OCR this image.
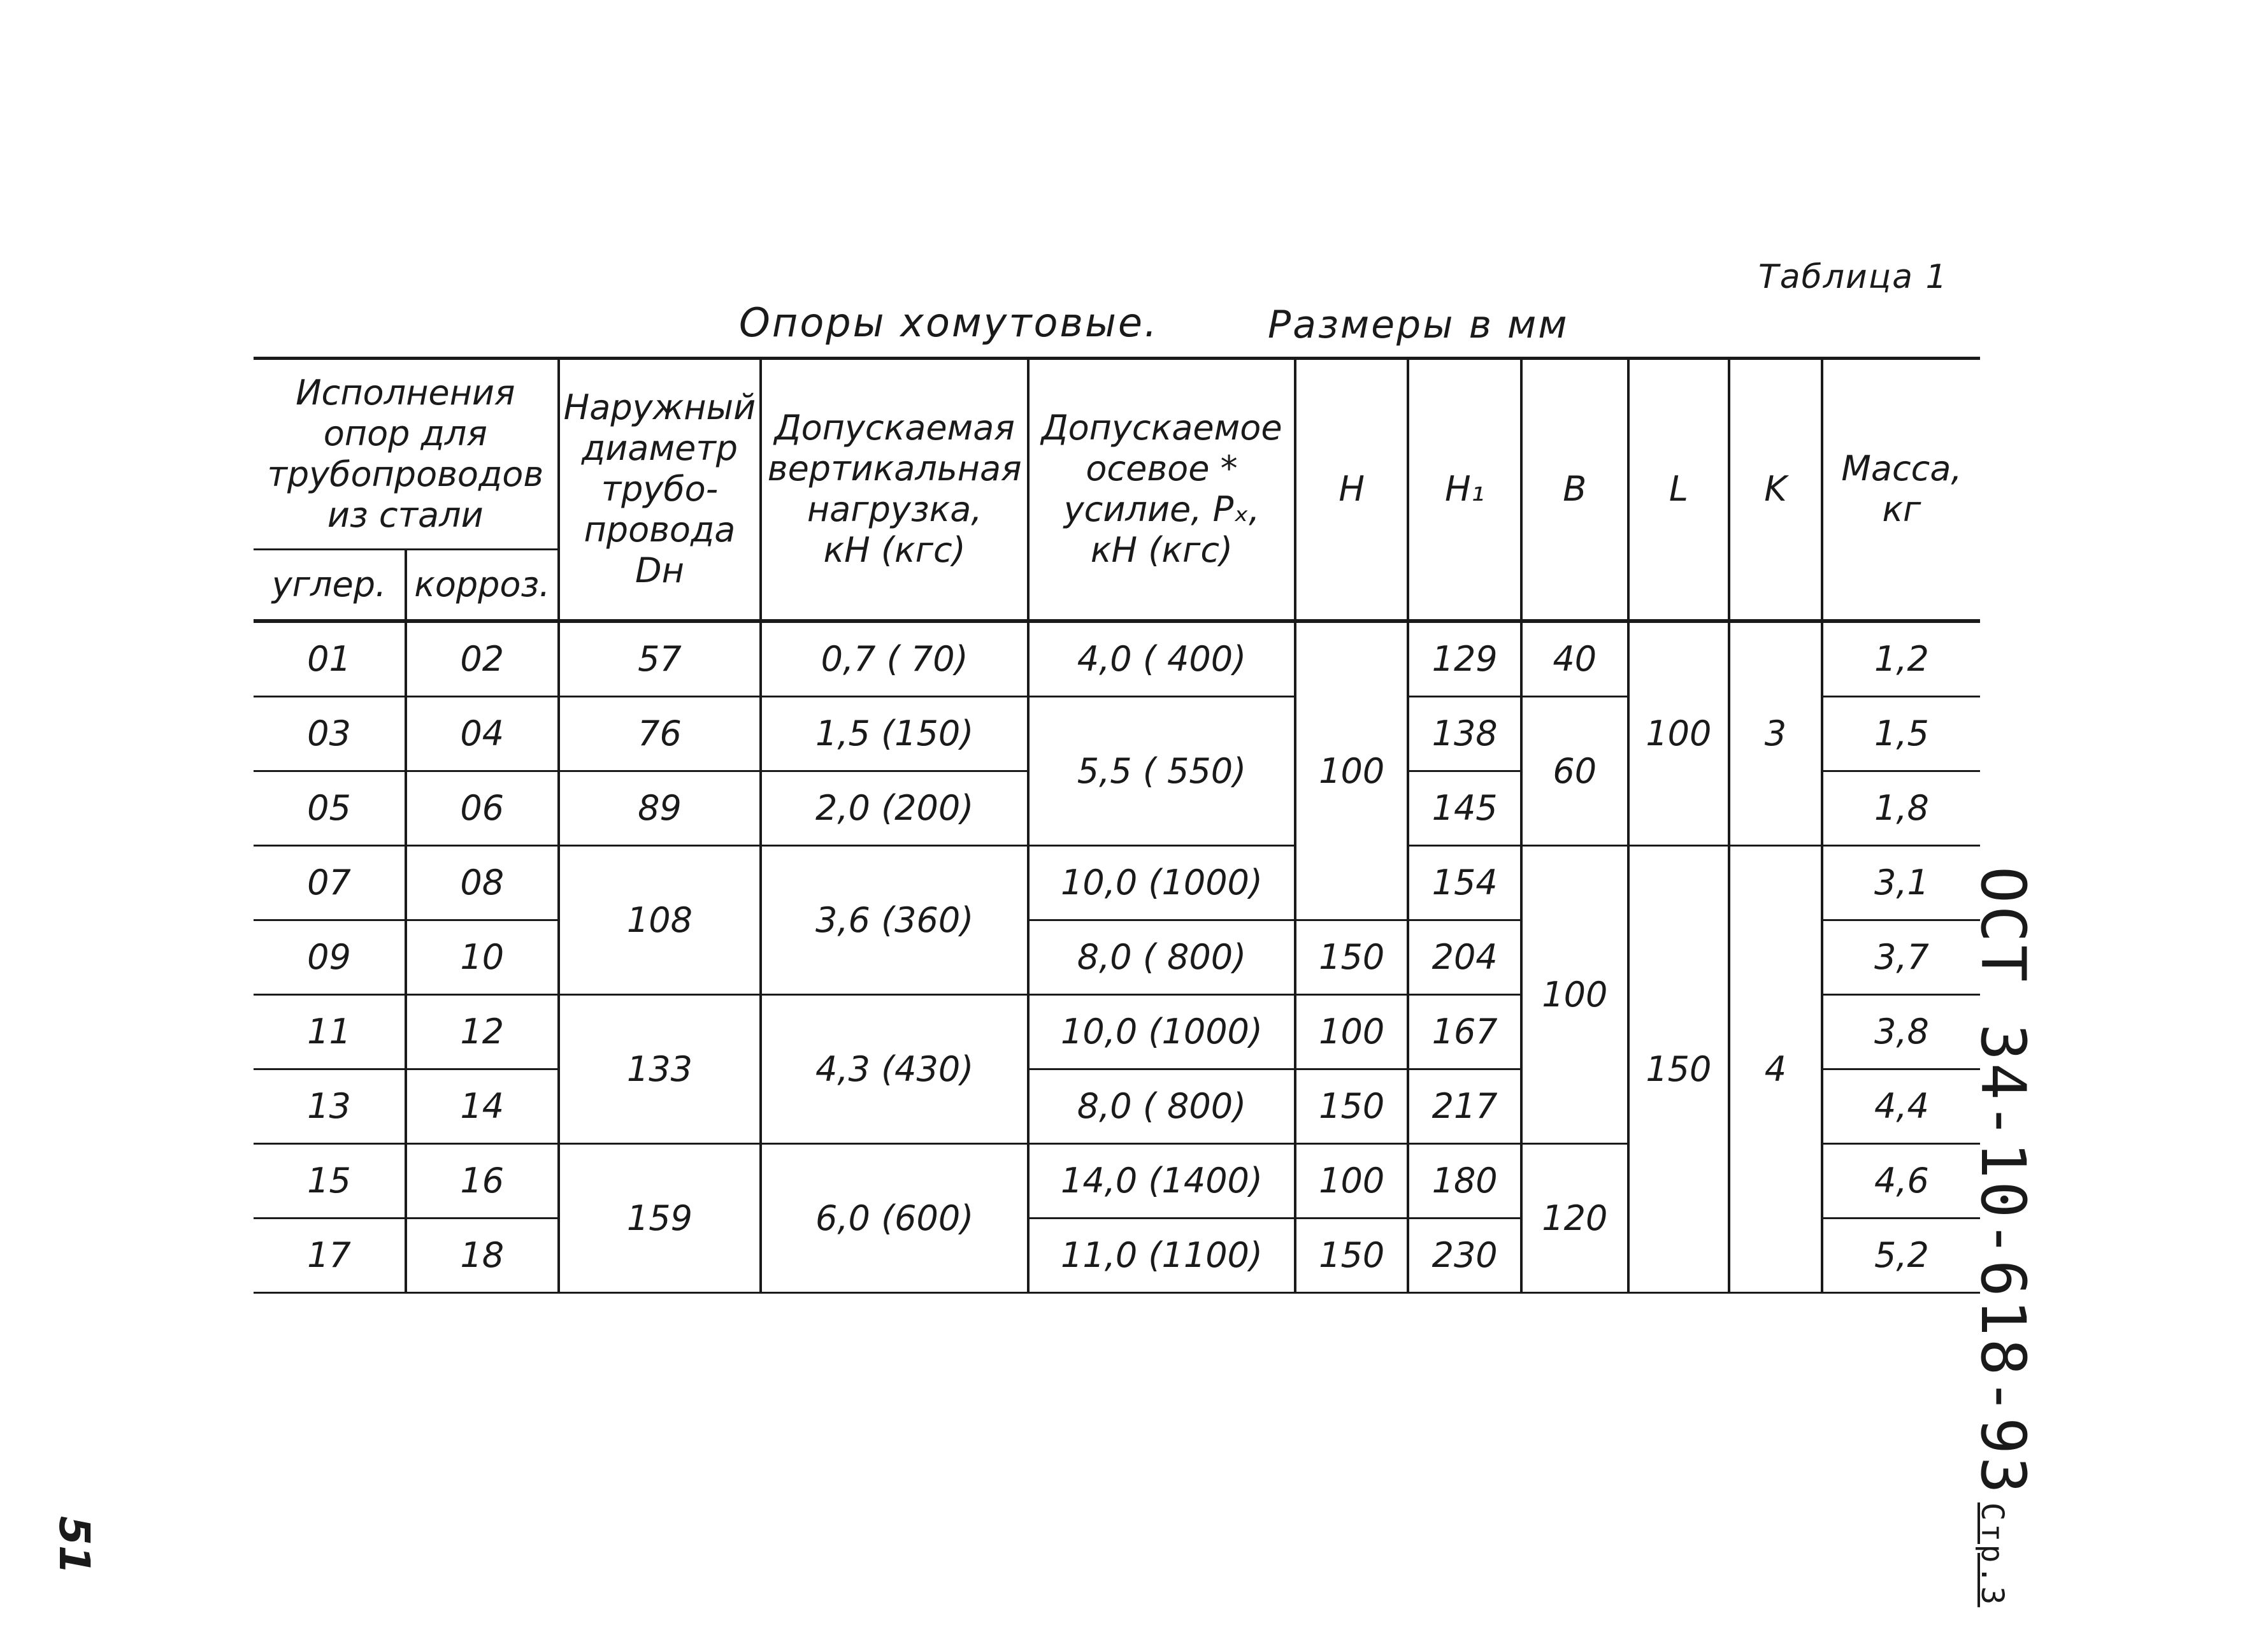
Таблица 1
Опоры хомутовые.	Размеры в мм
Исполнения
опор для
трубопроводов
из стали		Наружный
диаметр
трубо-
провода
Dн	Допускаемая
вертикальная
нагрузка,
кН (кгс)	Допускаемое
осевое *
усилие, Pₓ,
кН (кгс)	H	H₁	B	L	K	Масса,
кг

углер.	корроз.									
01	02	57	0,7 ( 70)	4,0 ( 400)	100	129	40	100	3	1,2
03	04	76	1,5 (150)	5,5 ( 550)		138	60			1,5
05	06	89	2,0 (200)			145				1,8
07	08	108	3,6 (360)	10,0 (1000)		154	100	150	4	3,1
09	10			8,0 ( 800)	150	204				3,7
11	12	133	4,3 (430)	10,0 (1000)	100	167				3,8
13	14			8,0 ( 800)	150	217				4,4
15	16	159	6,0 (600)	14,0 (1400)	100	180	120			4,6
17	18			11,0 (1100)	150	230				5,2 ОСТ 34-10-618-93Стр.3
51
